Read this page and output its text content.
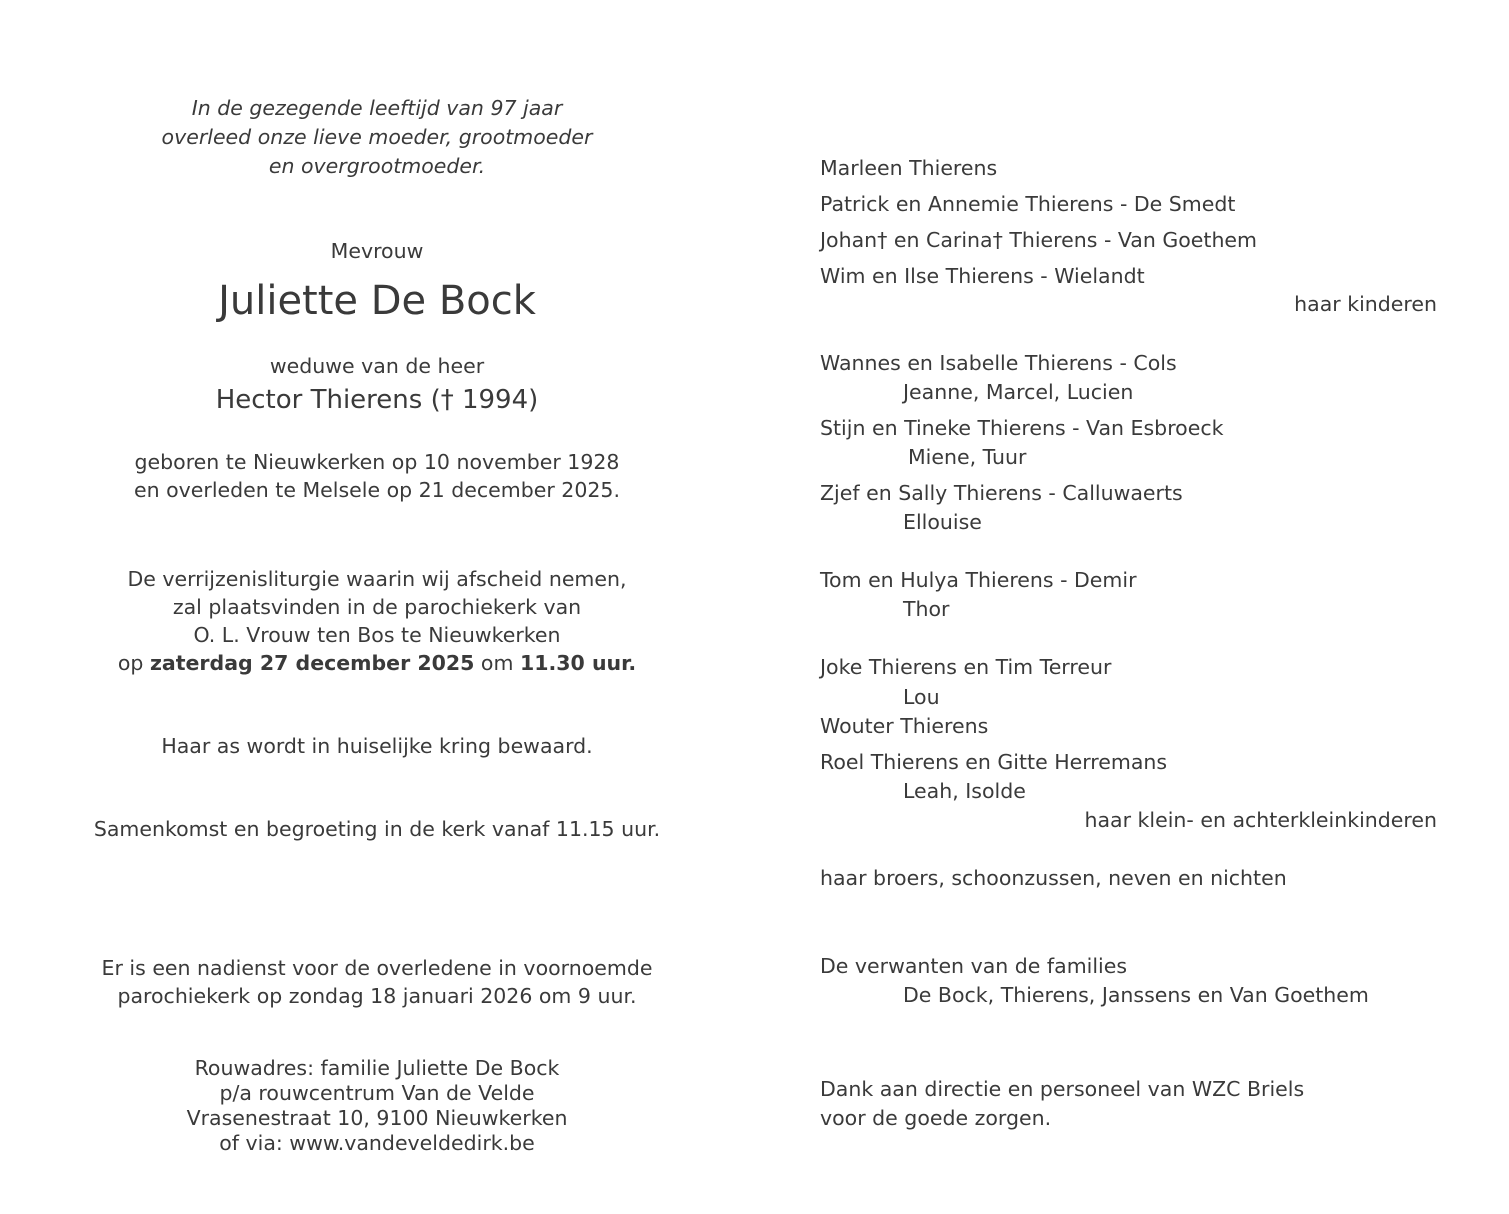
In de gezegende leeftijd van 97 jaar
overleed onze lieve moeder, grootmoeder
en overgrootmoeder.
Mevrouw
Juliette De Bock
weduwe van de heer
Hector Thierens († 1994)
geboren te Nieuwkerken op 10 november 1928
en overleden te Melsele op 21 december 2025.
De verrijzenisliturgie waarin wij afscheid nemen,
zal plaatsvinden in de parochiekerk van
O. L. Vrouw ten Bos te Nieuwkerken
op zaterdag 27 december 2025 om 11.30 uur.
Haar as wordt in huiselijke kring bewaard.
Samenkomst en begroeting in de kerk vanaf 11.15 uur.
Er is een nadienst voor de overledene in voornoemde
parochiekerk op zondag 18 januari 2026 om 9 uur.
Rouwadres: familie Juliette De Bock
p/a rouwcentrum Van de Velde
Vrasenestraat 10, 9100 Nieuwkerken
of via: www.vandeveldedirk.be
Marleen Thierens
Patrick en Annemie Thierens - De Smedt
Johan† en Carina† Thierens - Van Goethem
Wim en Ilse Thierens - Wielandt
haar kinderen
Wannes en Isabelle Thierens - Cols
Jeanne, Marcel, Lucien
Stijn en Tineke Thierens - Van Esbroeck
Miene, Tuur
Zjef en Sally Thierens - Calluwaerts
Ellouise
Tom en Hulya Thierens - Demir
Thor
Joke Thierens en Tim Terreur
Lou
Wouter Thierens
Roel Thierens en Gitte Herremans
Leah, Isolde
haar klein- en achterkleinkinderen
haar broers, schoonzussen, neven en nichten
De verwanten van de families
De Bock, Thierens, Janssens en Van Goethem
Dank aan directie en personeel van WZC Briels
voor de goede zorgen.
